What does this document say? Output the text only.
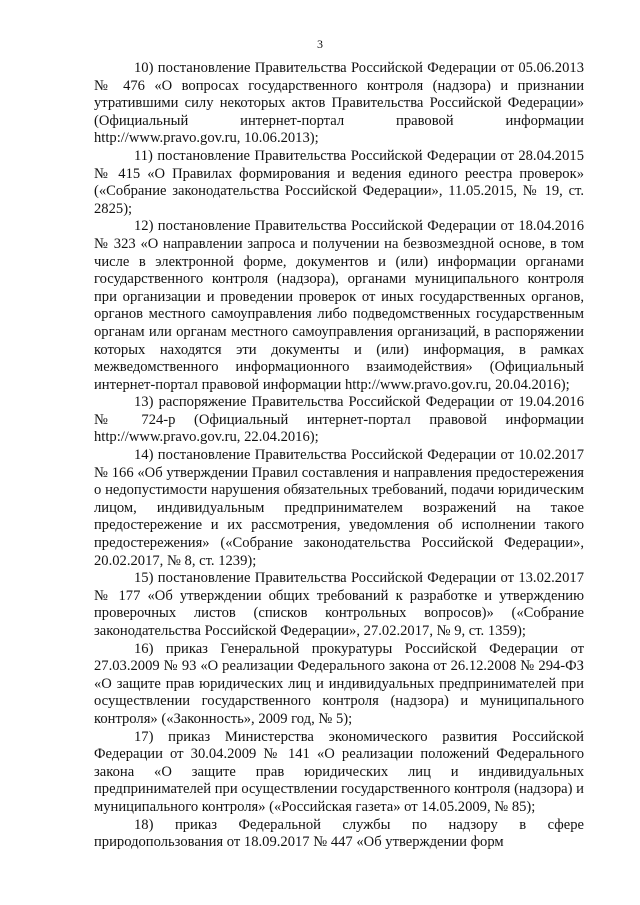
3

10) постановление Правительства Российской Федерации от 05.06.2013 № 476 «О вопросах государственного контроля (надзора) и признании утратившими силу некоторых актов Правительства Российской Федерации» (Официальный интернет-портал правовой информации http://www.pravo.gov.ru, 10.06.2013);

11) постановление Правительства Российской Федерации от 28.04.2015 № 415 «О Правилах формирования и ведения единого реестра проверок» («Собрание законодательства Российской Федерации», 11.05.2015, № 19, ст. 2825);

12) постановление Правительства Российской Федерации от 18.04.2016 № 323 «О направлении запроса и получении на безвозмездной основе, в том числе в электронной форме, документов и (или) информации органами государственного контроля (надзора), органами муниципального контроля при организации и проведении проверок от иных государственных органов, органов местного самоуправления либо подведомственных государственным органам или органам местного самоуправления организаций, в распоряжении которых находятся эти документы и (или) информация, в рамках межведомственного информационного взаимодействия» (Официальный интернет-портал правовой информации http://www.pravo.gov.ru, 20.04.2016);

13) распоряжение Правительства Российской Федерации от 19.04.2016 № 724-р (Официальный интернет-портал правовой информации http://www.pravo.gov.ru, 22.04.2016);

14) постановление Правительства Российской Федерации от 10.02.2017 № 166 «Об утверждении Правил составления и направления предостережения о недопустимости нарушения обязательных требований, подачи юридическим лицом, индивидуальным предпринимателем возражений на такое предостережение и их рассмотрения, уведомления об исполнении такого предостережения» («Собрание законодательства Российской Федерации», 20.02.2017, № 8, ст. 1239);

15) постановление Правительства Российской Федерации от 13.02.2017 № 177 «Об утверждении общих требований к разработке и утверждению проверочных листов (списков контрольных вопросов)» («Собрание законодательства Российской Федерации», 27.02.2017, № 9, ст. 1359);

16) приказ Генеральной прокуратуры Российской Федерации от 27.03.2009 № 93 «О реализации Федерального закона от 26.12.2008 № 294-ФЗ «О защите прав юридических лиц и индивидуальных предпринимателей при осуществлении государственного контроля (надзора) и муниципального контроля» («Законность», 2009 год, № 5);

17) приказ Министерства экономического развития Российской Федерации от 30.04.2009 № 141 «О реализации положений Федерального закона «О защите прав юридических лиц и индивидуальных предпринимателей при осуществлении государственного контроля (надзора) и муниципального контроля» («Российская газета» от 14.05.2009, № 85);

18) приказ Федеральной службы по надзору в сфере природопользования от 18.09.2017 № 447 «Об утверждении форм
